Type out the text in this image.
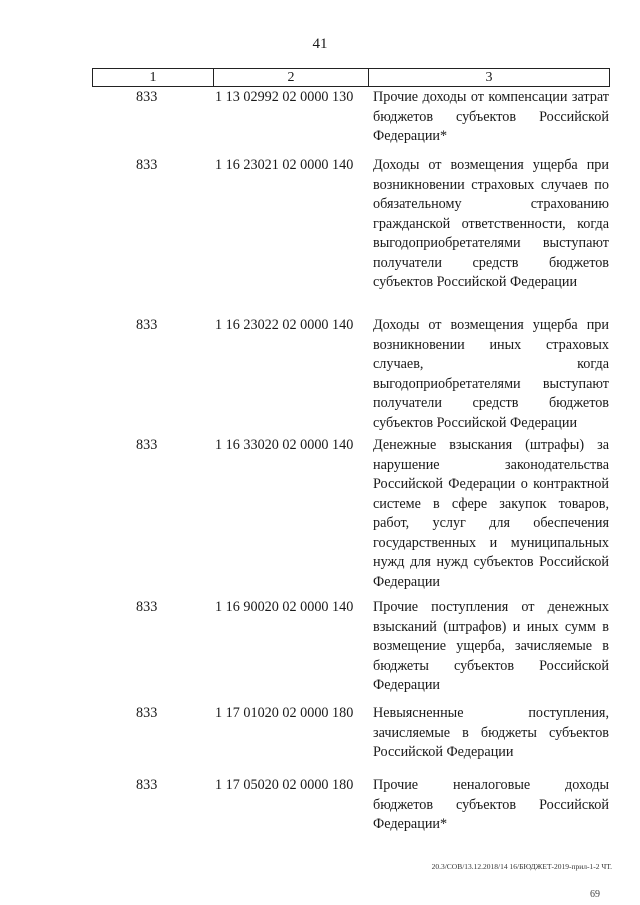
41
1	2	3
833	1 13 02992 02 0000 130 Прочие доходы от компенсации затрат бюджетов субъектов Российской Федерации*
833	1 16 23021 02 0000 140 Доходы от возмещения ущерба при возникновении страховых случаев по обязательному страхованию гражданской ответственности, когда выгодоприобретателями выступают получатели средств бюджетов субъектов Российской Федерации
833	1 16 23022 02 0000 140 Доходы от возмещения ущерба при возникновении иных страховых случаев, когда выгодоприобретателями выступают получатели средств бюджетов субъектов Российской Федерации
833	1 16 33020 02 0000 140 Денежные взыскания (штрафы) за нарушение законодательства Российской Федерации о контрактной системе в сфере закупок товаров, работ, услуг для обеспечения государственных и муниципальных нужд для нужд субъектов Российской Федерации
833	1 16 90020 02 0000 140 Прочие поступления от денежных взысканий (штрафов) и иных сумм в возмещение ущерба, зачисляемые в бюджеты субъектов Российской Федерации
833	1 17 01020 02 0000 180 Невыясненные поступления, зачисляемые в бюджеты субъектов Российской Федерации
833	1 17 05020 02 0000 180 Прочие неналоговые доходы бюджетов субъектов Российской Федерации*
20.3/СОВ/13.12.2018/14 16/БЮДЖЕТ-2019-прил-1-2 ЧТ.
69
